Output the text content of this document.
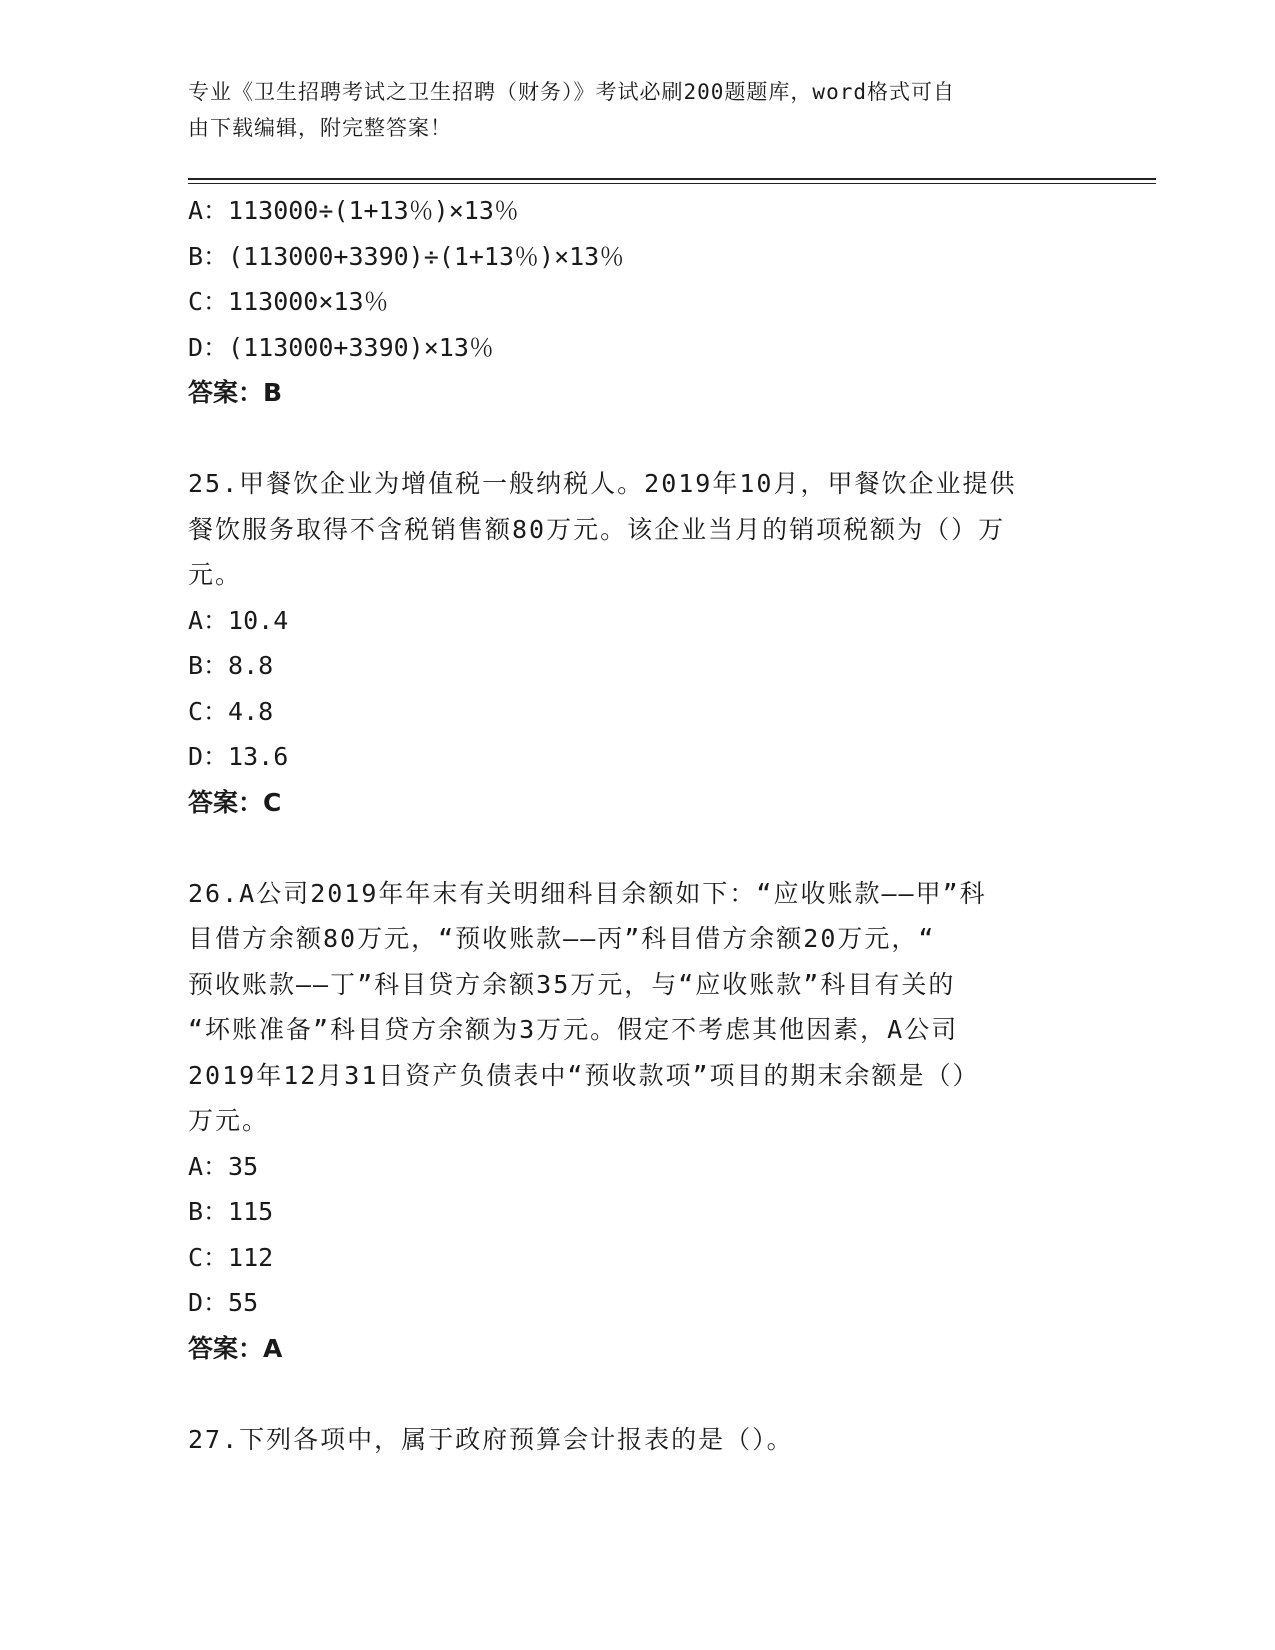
专业《卫生招聘考试之卫生招聘（财务）》考试必刷200题题库，word格式可自
由下载编辑，附完整答案！
A：113000÷(1+13％)×13％
B：(113000+3390)÷(1+13％)×13％
C：113000×13％
D：(113000+3390)×13％
答案：B
25.甲餐饮企业为增值税一般纳税人。2019年10月，甲餐饮企业提供
餐饮服务取得不含税销售额80万元。该企业当月的销项税额为（）万
元。
A：10.4
B：8.8
C：4.8
D：13.6
答案：C
26.A公司2019年年末有关明细科目余额如下：“应收账款——甲”科
目借方余额80万元，“预收账款——丙”科目借方余额20万元，“
预收账款——丁”科目贷方余额35万元，与“应收账款”科目有关的
“坏账准备”科目贷方余额为3万元。假定不考虑其他因素，A公司
2019年12月31日资产负债表中“预收款项”项目的期末余额是（）
万元。
A：35
B：115
C：112
D：55
答案：A
27.下列各项中，属于政府预算会计报表的是（）。
